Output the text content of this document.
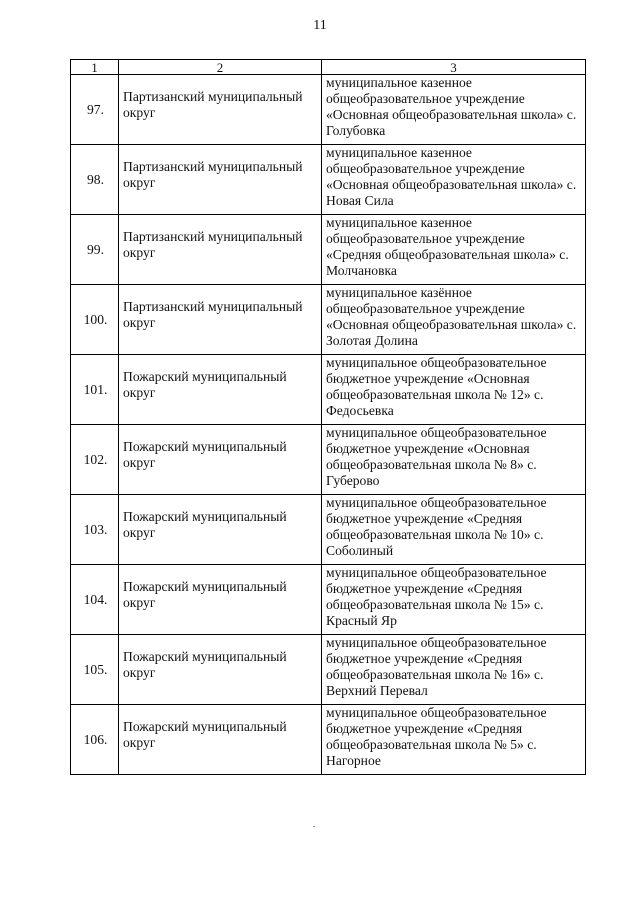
11
1	2	3
97.	Партизанский муниципальный округ	муниципальное казенное общеобразовательное учреждение «Основная общеобразовательная школа» с. Голубовка
98.	Партизанский муниципальный округ	муниципальное казенное общеобразовательное учреждение «Основная общеобразовательная школа» с. Новая Сила
99.	Партизанский муниципальный округ	муниципальное казенное общеобразовательное учреждение «Средняя общеобразовательная школа» с. Молчановка
100.	Партизанский муниципальный округ	муниципальное казённое общеобразовательное учреждение «Основная общеобразовательная школа» с. Золотая Долина
101.	Пожарский муниципальный округ	муниципальное общеобразовательное бюджетное учреждение «Основная общеобразовательная школа № 12» с. Федосьевка
102.	Пожарский муниципальный округ	муниципальное общеобразовательное бюджетное учреждение «Основная общеобразовательная школа № 8» с. Губерово
103.	Пожарский муниципальный округ	муниципальное общеобразовательное бюджетное учреждение «Средняя общеобразовательная школа № 10» с. Соболиный
104.	Пожарский муниципальный округ	муниципальное общеобразовательное бюджетное учреждение «Средняя общеобразовательная школа № 15» с. Красный Яр
105.	Пожарский муниципальный округ	муниципальное общеобразовательное бюджетное учреждение «Средняя общеобразовательная школа № 16» с. Верхний Перевал
106.	Пожарский муниципальный округ	муниципальное общеобразовательное бюджетное учреждение «Средняя общеобразовательная школа № 5» с. Нагорное
